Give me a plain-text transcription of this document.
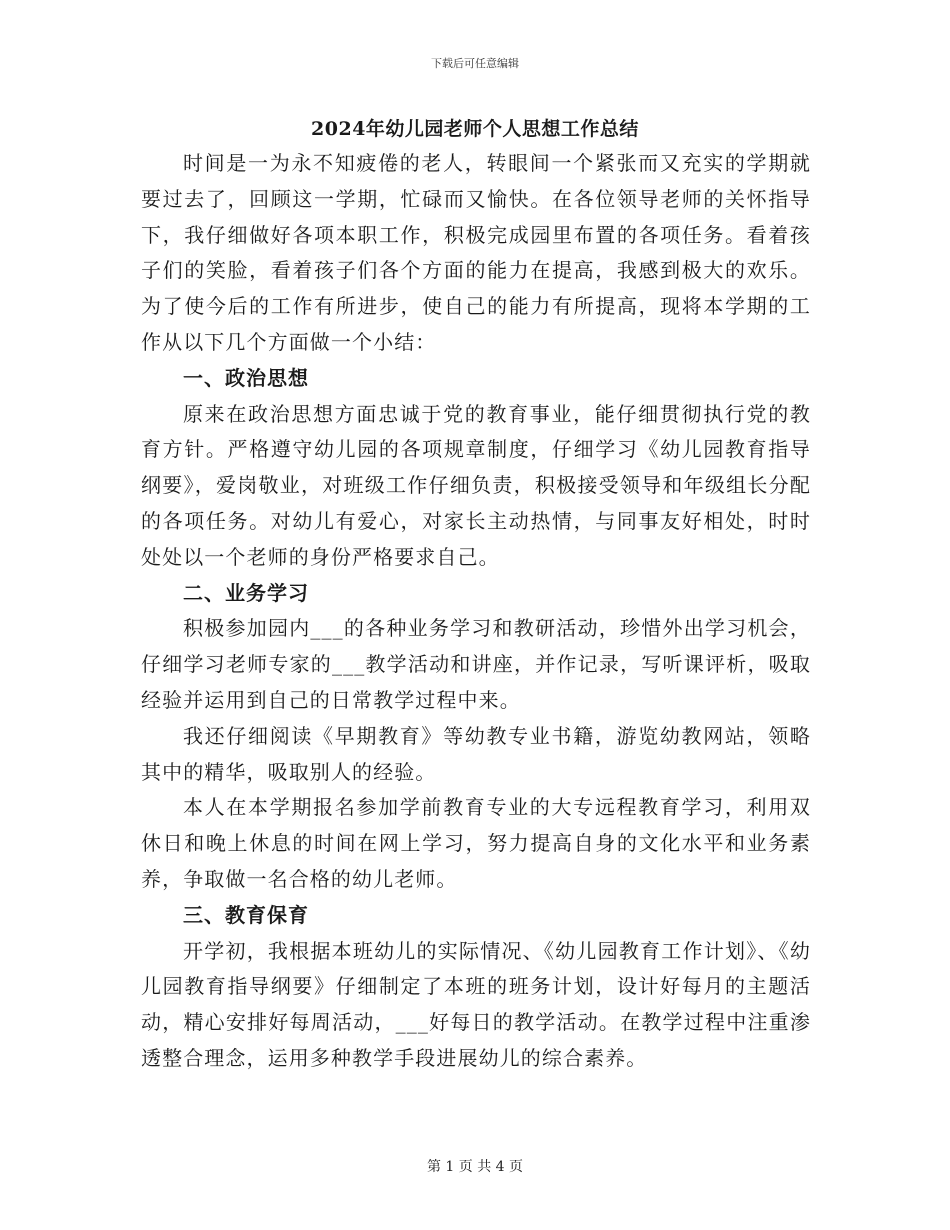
下载后可任意编辑
2024年幼儿园老师个人思想工作总结

时间是一为永不知疲倦的老人，转眼间一个紧张而又充实的学期就要过去了，回顾这一学期，忙碌而又愉快。在各位领导老师的关怀指导下，我仔细做好各项本职工作，积极完成园里布置的各项任务。看着孩子们的笑脸，看着孩子们各个方面的能力在提高，我感到极大的欢乐。为了使今后的工作有所进步，使自己的能力有所提高，现将本学期的工作从以下几个方面做一个小结：

一、政治思想

原来在政治思想方面忠诚于党的教育事业，能仔细贯彻执行党的教育方针。严格遵守幼儿园的各项规章制度，仔细学习《幼儿园教育指导纲要》，爱岗敬业，对班级工作仔细负责，积极接受领导和年级组长分配的各项任务。对幼儿有爱心，对家长主动热情，与同事友好相处，时时处处以一个老师的身份严格要求自己。

二、业务学习

积极参加园内___的各种业务学习和教研活动，珍惜外出学习机会，仔细学习老师专家的___教学活动和讲座，并作记录，写听课评析，吸取经验并运用到自己的日常教学过程中来。

我还仔细阅读《早期教育》等幼教专业书籍，游览幼教网站，领略其中的精华，吸取别人的经验。

本人在本学期报名参加学前教育专业的大专远程教育学习，利用双休日和晚上休息的时间在网上学习，努力提高自身的文化水平和业务素养，争取做一名合格的幼儿老师。

三、教育保育

开学初，我根据本班幼儿的实际情况、《幼儿园教育工作计划》、《幼儿园教育指导纲要》仔细制定了本班的班务计划，设计好每月的主题活动，精心安排好每周活动，___好每日的教学活动。在教学过程中注重渗透整合理念，运用多种教学手段进展幼儿的综合素养。

第 1 页 共 4 页
